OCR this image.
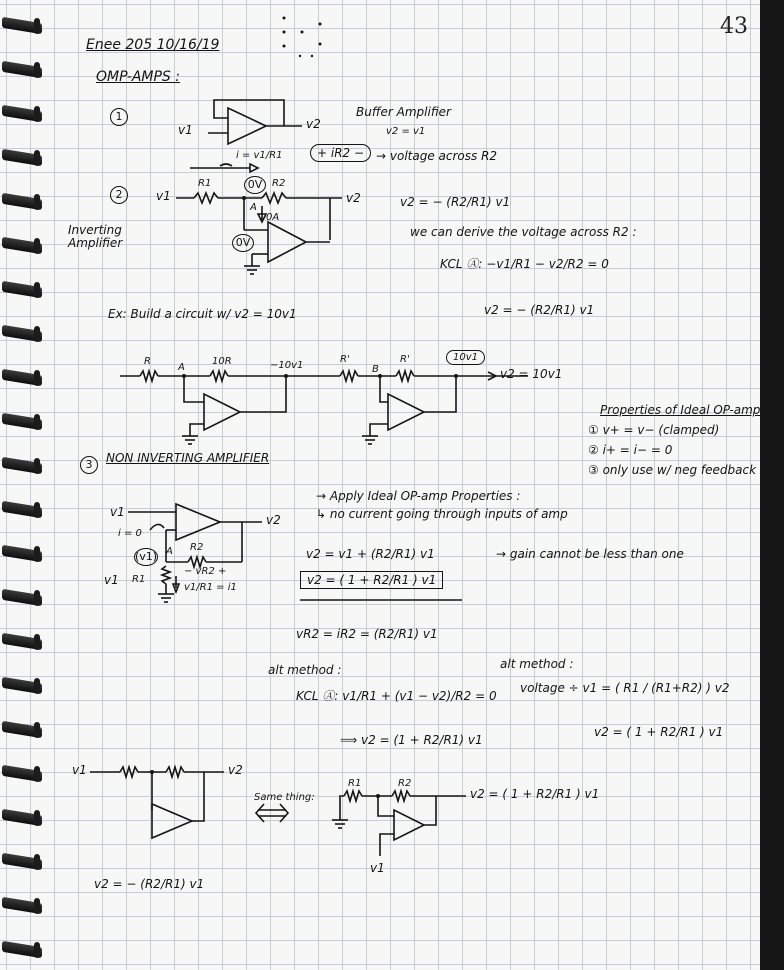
43
Enee 205 10/16/19
OMP-AMPS :
1
v1	v2
Buffer Amplifier
v2 = v1
i = v1/R1	+ iR2 − → voltage across R2
2
Inverting Amplifier
v1
R1	0V R2
v2
A
0A
0V
v2 = − (R2/R1) v1
we can derive the voltage across R2 :
KCL Ⓐ: −v1/R1 − v2/R2 = 0
v2 = − (R2/R1) v1
Ex: Build a circuit w/ v2 = 10v1
R
A
10R	−10v1
R'
B
R'	10v1
v2 = 10v1
Properties of Ideal OP-amp
① v+ = v− (clamped)
② i+ = i− = 0
③ only use w/ neg feedback
3	NON INVERTING AMPLIFIER
→ Apply Ideal OP-amp Properties :
↳ no current going through inputs of amp
v1
i = 0
v2
(v1) A R2
− vR2 +
v1 R1
v1/R1 = i1
v2 = v1 + (R2/R1) v1
v2 = ( 1 + R2/R1 ) v1
→ gain cannot be less than one
vR2 = iR2 = (R2/R1) v1
alt method :
KCL Ⓐ: v1/R1 + (v1 − v2)/R2 = 0
⟹ v2 = (1 + R2/R1) v1
alt method :
voltage ÷ v1 = ( R1 / (R1+R2) ) v2
v2 = ( 1 + R2/R1 ) v1
v1	v2
v2 = − (R2/R1) v1
Same thing:
R1	R2
v2 = ( 1 + R2/R1 ) v1
v1
